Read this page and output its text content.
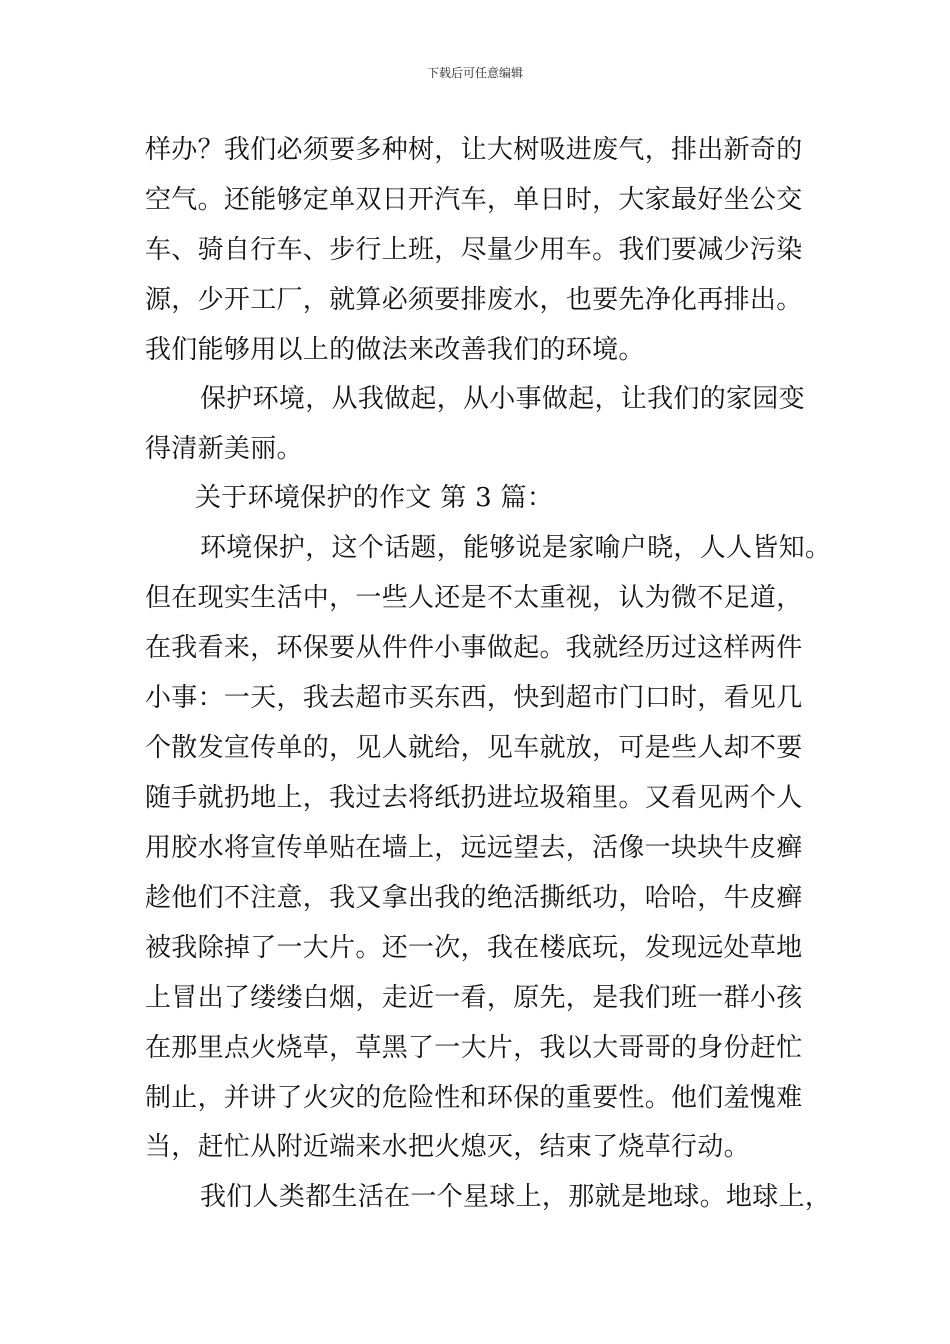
下载后可任意编辑
样办？我们必须要多种树，让大树吸进废气，排出新奇的
空气。还能够定单双日开汽车，单日时，大家最好坐公交
车、骑自行车、步行上班，尽量少用车。我们要减少污染
源，少开工厂，就算必须要排废水，也要先净化再排出。
我们能够用以上的做法来改善我们的环境。
保护环境，从我做起，从小事做起，让我们的家园变
得清新美丽。
关于环境保护的作文 第 3 篇：
环境保护，这个话题，能够说是家喻户晓，人人皆知。
但在现实生活中，一些人还是不太重视，认为微不足道，
在我看来，环保要从件件小事做起。我就经历过这样两件
小事：一天，我去超市买东西，快到超市门口时，看见几
个散发宣传单的，见人就给，见车就放，可是些人却不要
随手就扔地上，我过去将纸扔进垃圾箱里。又看见两个人
用胶水将宣传单贴在墙上，远远望去，活像一块块牛皮癣
趁他们不注意，我又拿出我的绝活撕纸功，哈哈，牛皮癣
被我除掉了一大片。还一次，我在楼底玩，发现远处草地
上冒出了缕缕白烟，走近一看，原先，是我们班一群小孩
在那里点火烧草，草黑了一大片，我以大哥哥的身份赶忙
制止，并讲了火灾的危险性和环保的重要性。他们羞愧难
当，赶忙从附近端来水把火熄灭，结束了烧草行动。
我们人类都生活在一个星球上，那就是地球。地球上，
